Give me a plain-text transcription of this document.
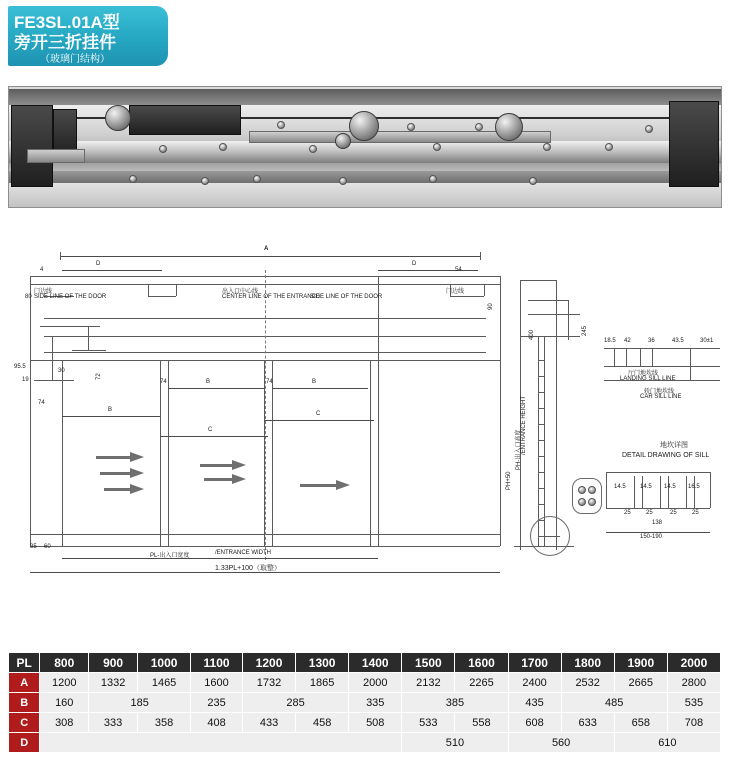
FE3SL.01A型
旁开三折挂件
（玻璃门结构）
A
D	D
B	B
B
C
C
4	54
80
90
95.5
19
30
72
74
74	74
门边线
SIDE LINE OF THE DOOR
出入口中心线
CENTER LINE OF THE ENTRANCE
门边线
SIDE LINE OF THE DOOR
PL-出入口宽度	/ENTRANCE WIDTH
35 60
1.33PL+100（取整）
400	245
PH-出入口高度
PH+50
/ENTRANCE HEIGHT
18.5 42	36	43.5	30±1
厅门地坎线
LANDING SILL LINE
轿门地坎线
CAR SILL LINE
地坎详图
DETAIL DRAWING OF SILL
14.5 14.5 14.5 16.5
25	25	25	25
138
150-190
PL	800	900	1000	1100	1200	1300	1400	1500	1600	1700	1800	1900	2000
A	1200	1332	1465	1600	1732	1865	2000	2132	2265	2400	2532	2665	2800
B	160	185		235	285		335	385		435	485		535
C	308	333	358	408	433	458	508	533	558	608	633	658	708
D								510		560		610	
